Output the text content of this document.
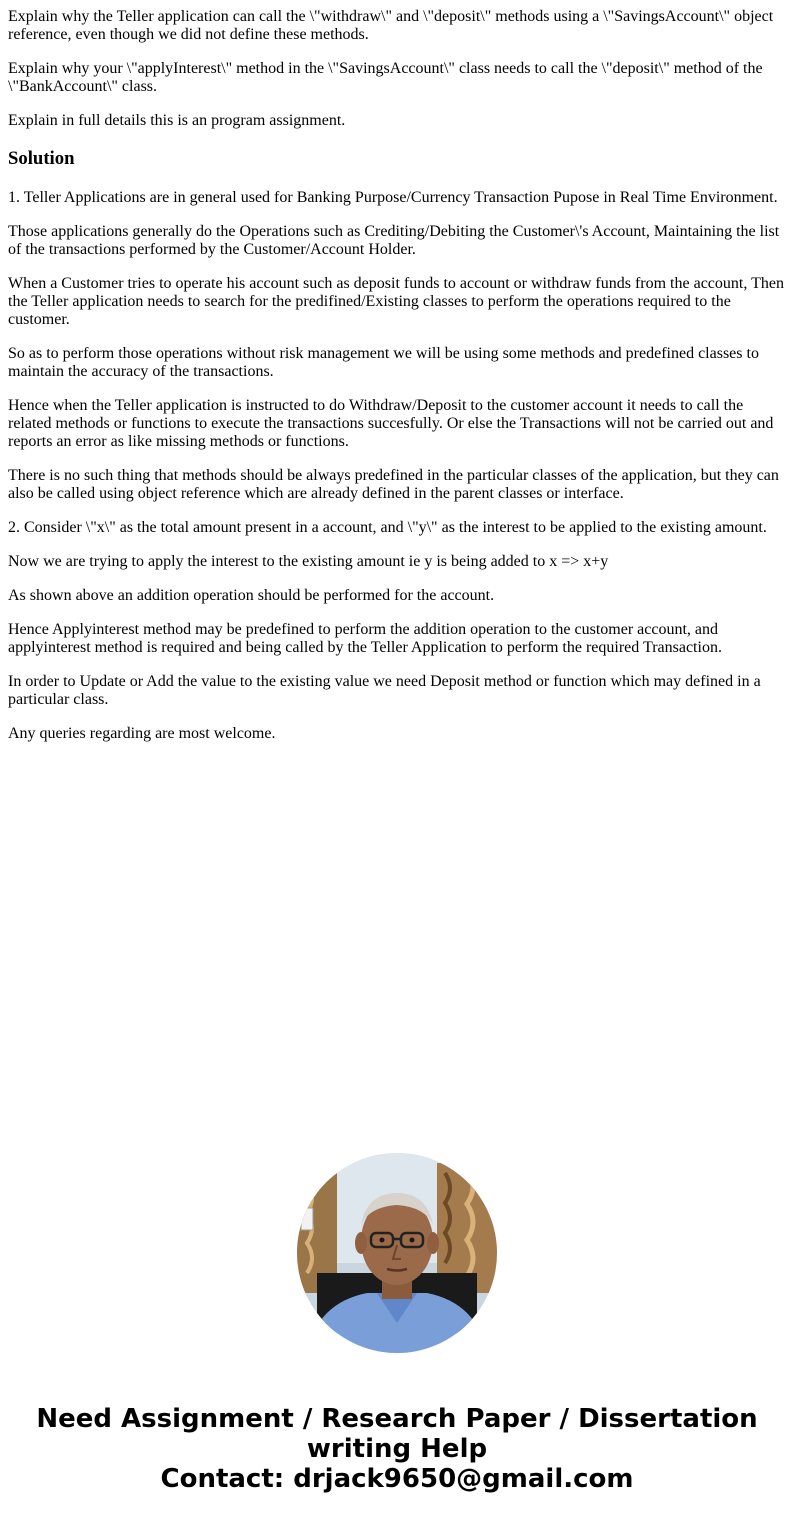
Explain why the Teller application can call the \"withdraw\" and \"deposit\" methods using a \"SavingsAccount\" object reference, even though we did not define these methods.

Explain why your \"applyInterest\" method in the \"SavingsAccount\" class needs to call the \"deposit\" method of the \"BankAccount\" class.

Explain in full details this is an program assignment.

Solution

1. Teller Applications are in general used for Banking Purpose/Currency Transaction Pupose in Real Time Environment.

Those applications generally do the Operations such as Crediting/Debiting the Customer\'s Account, Maintaining the list of the transactions performed by the Customer/Account Holder.

When a Customer tries to operate his account such as deposit funds to account or withdraw funds from the account, Then the Teller application needs to search for the predifined/Existing classes to perform the operations required to the customer.

So as to perform those operations without risk management we will be using some methods and predefined classes to maintain the accuracy of the transactions.

Hence when the Teller application is instructed to do Withdraw/Deposit to the customer account it needs to call the related methods or functions to execute the transactions succesfully. Or else the Transactions will not be carried out and reports an error as like missing methods or functions.

There is no such thing that methods should be always predefined in the particular classes of the application, but they can also be called using object reference which are already defined in the parent classes or interface.

2. Consider \"x\" as the total amount present in a account, and \"y\" as the interest to be applied to the existing amount.

Now we are trying to apply the interest to the existing amount ie y is being added to x => x+y

As shown above an addition operation should be performed for the account.

Hence Applyinterest method may be predefined to perform the addition operation to the customer account, and applyinterest method is required and being called by the Teller Application to perform the required Transaction.

In order to Update or Add the value to the existing value we need Deposit method or function which may defined in a particular class.

Any queries regarding are most welcome.

Need Assignment / Research Paper / Dissertation
writing Help
Contact: drjack9650@gmail.com
